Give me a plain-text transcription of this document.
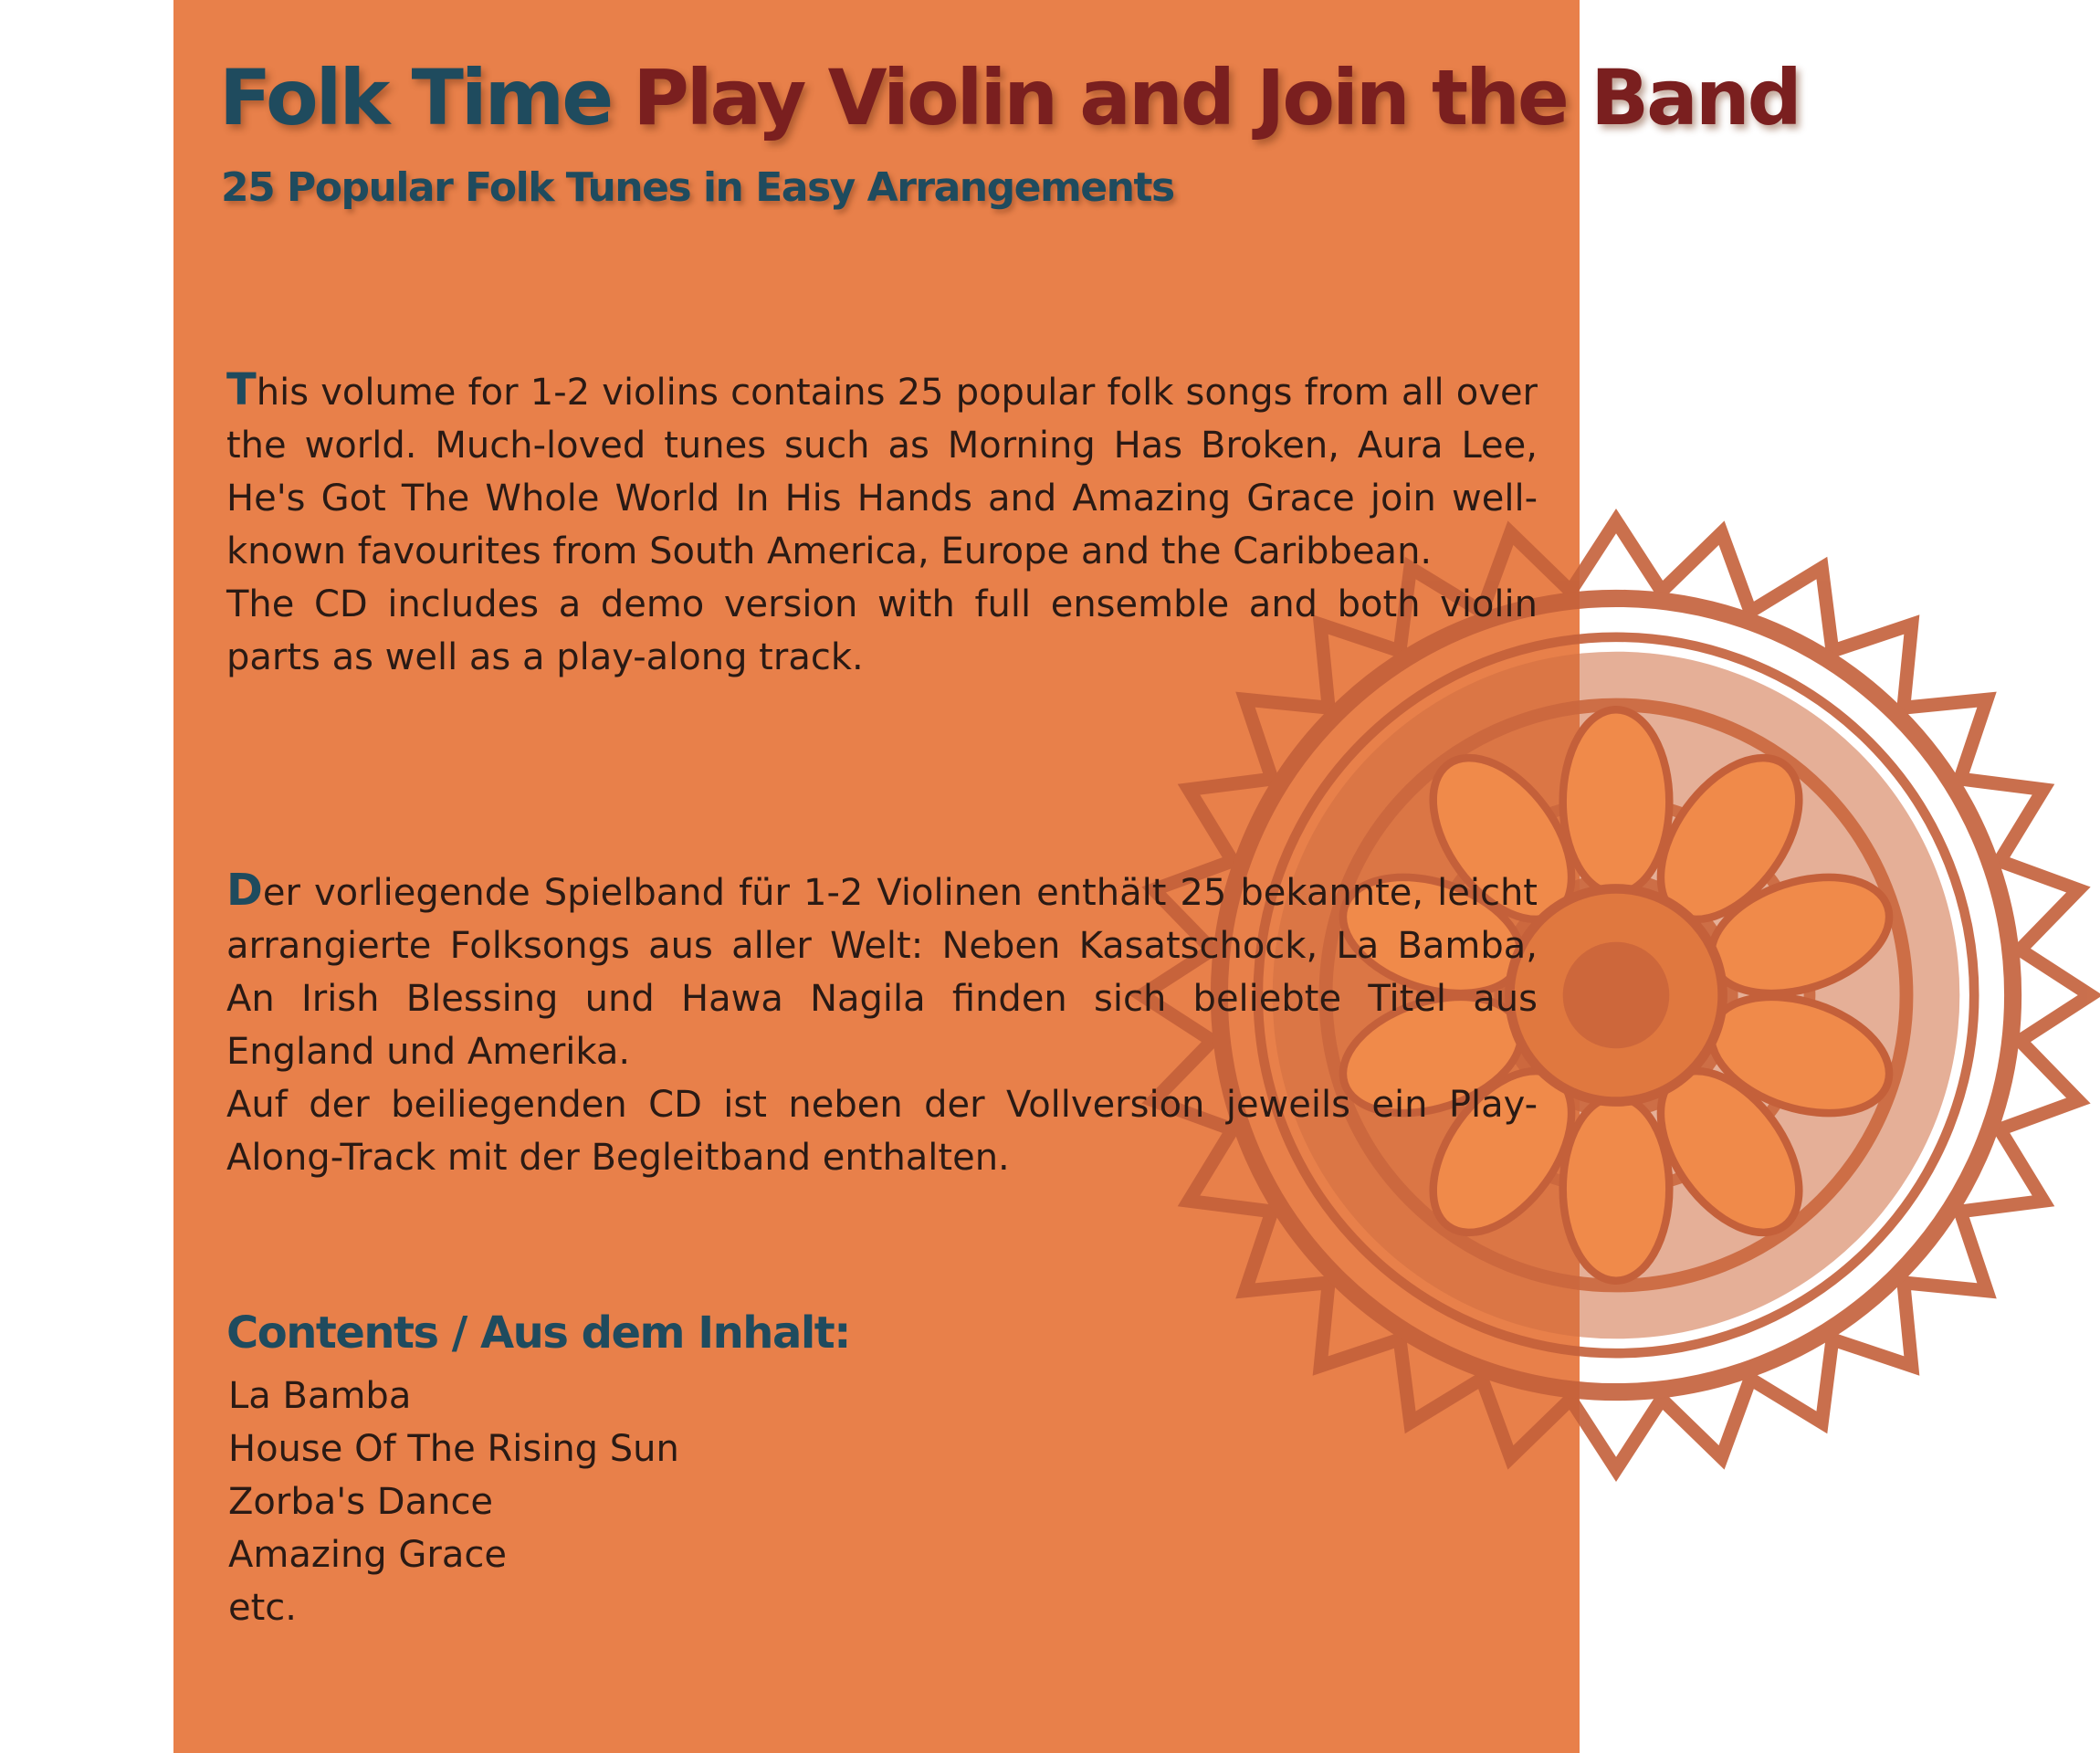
Folk Time Play Violin and Join the Band
25 Popular Folk Tunes in Easy Arrangements

This volume for 1-2 violins contains 25 popular folk songs from all over the world. Much-loved tunes such as Morning Has Broken, Aura Lee, He's Got The Whole World In His Hands and Amazing Grace join well-known favourites from South America, Europe and the Caribbean.

The CD includes a demo version with full ensemble and both violin parts as well as a play-along track.

Der vorliegende Spielband für 1-2 Violinen enthält 25 bekannte, leicht arrangierte Folksongs aus aller Welt: Neben Kasatschock, La Bamba, An Irish Blessing und Hawa Nagila finden sich beliebte Titel aus England und Amerika.

Auf der beiliegenden CD ist neben der Vollversion jeweils ein Play-Along-Track mit der Begleitband enthalten.

Contents / Aus dem Inhalt:
La Bamba
House Of The Rising Sun
Zorba's Dance
Amazing Grace
etc.
